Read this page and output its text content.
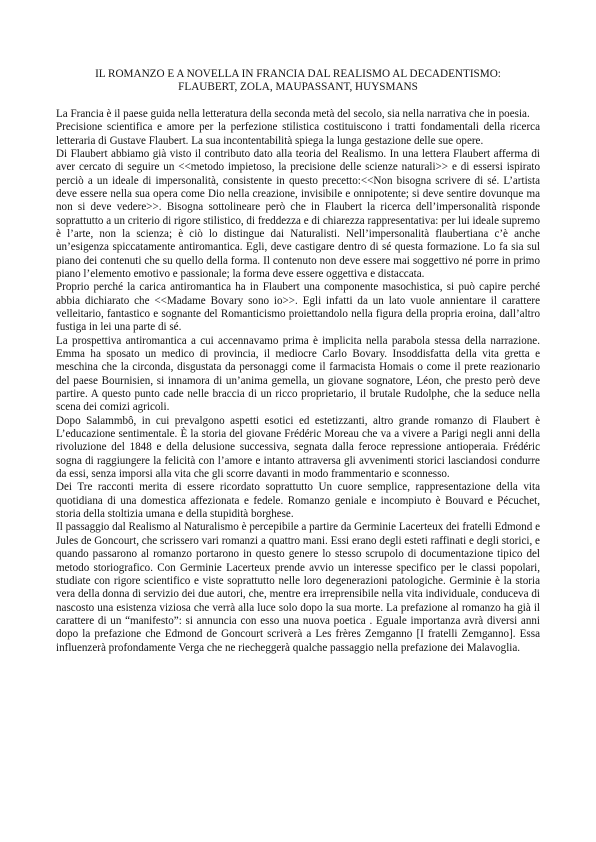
IL ROMANZO E A NOVELLA IN FRANCIA DAL REALISMO AL DECADENTISMO:
FLAUBERT, ZOLA, MAUPASSANT, HUYSMANS

La Francia è il paese guida nella letteratura della seconda metà del secolo, sia nella narrativa che in poesia.

Precisione scientifica e amore per la perfezione stilistica costituiscono i tratti fondamentali della ricerca letteraria di Gustave Flaubert. La sua incontentabilità spiega la lunga gestazione delle sue opere.

Di Flaubert abbiamo già visto il contributo dato alla teoria del Realismo. In una lettera Flaubert afferma di aver cercato di seguire un <<metodo impietoso, la precisione delle scienze naturali>> e di essersi ispirato perciò a un ideale di impersonalità, consistente in questo precetto:<<Non bisogna scrivere di sé. L’artista deve essere nella sua opera come Dio nella creazione, invisibile e onnipotente; si deve sentire dovunque ma non si deve vedere>>. Bisogna sottolineare però che in Flaubert la ricerca dell’impersonalità risponde soprattutto a un criterio di rigore stilistico, di freddezza e di chiarezza rappresentativa: per lui ideale supremo è l’arte, non la scienza; è ciò lo distingue dai Naturalisti. Nell’impersonalità flaubertiana c’è anche un’esigenza spiccatamente antiromantica. Egli, deve castigare dentro di sé questa formazione. Lo fa sia sul piano dei contenuti che su quello della forma. Il contenuto non deve essere mai soggettivo né porre in primo piano l’elemento emotivo e passionale; la forma deve essere oggettiva e distaccata.

Proprio perché la carica antiromantica ha in Flaubert una componente masochistica, si può capire perché abbia dichiarato che <<Madame Bovary sono io>>. Egli infatti da un lato vuole annientare il carattere velleitario, fantastico e sognante del Romanticismo proiettandolo nella figura della propria eroina, dall’altro fustiga in lei una parte di sé.

La prospettiva antiromantica a cui accennavamo prima è implicita nella parabola stessa della narrazione. Emma ha sposato un medico di provincia, il mediocre Carlo Bovary. Insoddisfatta della vita gretta e meschina che la circonda, disgustata da personaggi come il farmacista Homais o come il prete reazionario del paese Bournisien, si innamora di un’anima gemella, un giovane sognatore, Léon, che presto però deve partire. A questo punto cade nelle braccia di un ricco proprietario, il brutale Rudolphe, che la seduce nella scena dei comizi agricoli.

Dopo Salammbô, in cui prevalgono aspetti esotici ed estetizzanti, altro grande romanzo di Flaubert è L’educazione sentimentale. È la storia del giovane Frédéric Moreau che va a vivere a Parigi negli anni della rivoluzione del 1848 e della delusione successiva, segnata dalla feroce repressione antioperaia. Frédéric sogna di raggiungere la felicità con l’amore e intanto attraversa gli avvenimenti storici lasciandosi condurre da essi, senza imporsi alla vita che gli scorre davanti in modo frammentario e sconnesso.

Dei Tre racconti merita di essere ricordato soprattutto Un cuore semplice, rappresentazione della vita quotidiana di una domestica affezionata e fedele. Romanzo geniale e incompiuto è Bouvard e Pécuchet, storia della stoltizia umana e della stupidità borghese.

Il passaggio dal Realismo al Naturalismo è percepibile a partire da Germinie Lacerteux dei fratelli Edmond e Jules de Goncourt, che scrissero vari romanzi a quattro mani. Essi erano degli esteti raffinati e degli storici, e quando passarono al romanzo portarono in questo genere lo stesso scrupolo di documentazione tipico del metodo storiografico. Con Germinie Lacerteux prende avvio un interesse specifico per le classi popolari, studiate con rigore scientifico e viste soprattutto nelle loro degenerazioni patologiche. Germinie è la storia vera della donna di servizio dei due autori, che, mentre era irreprensibile nella vita individuale, conduceva di nascosto una esistenza viziosa che verrà alla luce solo dopo la sua morte. La prefazione al romanzo ha già il carattere di un “manifesto”: si annuncia con esso una nuova poetica . Eguale importanza avrà diversi anni dopo la prefazione che Edmond de Goncourt scriverà a Les frères Zemganno [I fratelli Zemganno]. Essa influenzerà profondamente Verga che ne riecheggerà qualche passaggio nella prefazione dei Malavoglia.
